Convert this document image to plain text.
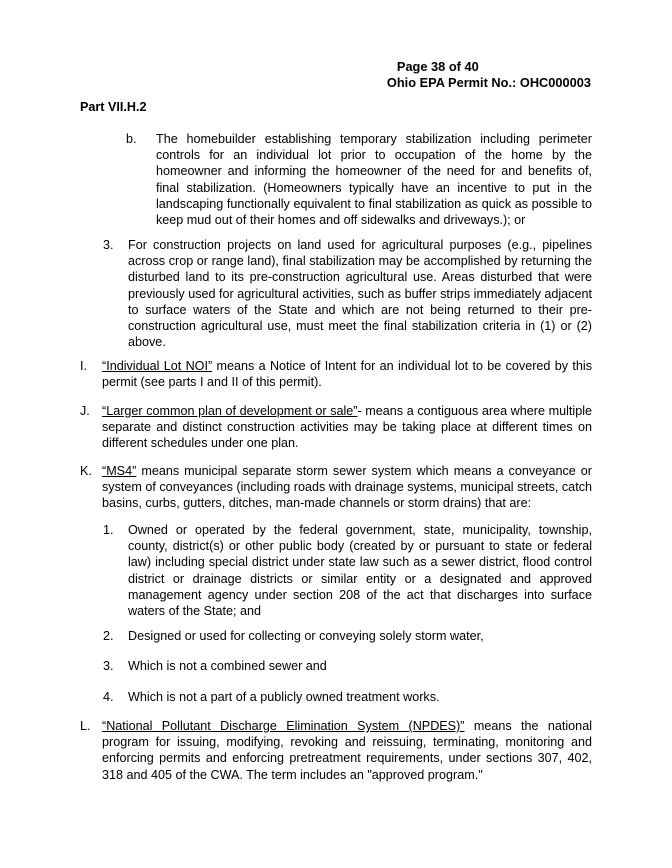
Page 38 of 40
Ohio EPA Permit No.: OHC000003
Part VII.H.2
b. The homebuilder establishing temporary stabilization including perimeter controls for an individual lot prior to occupation of the home by the homeowner and informing the homeowner of the need for and benefits of, final stabilization. (Homeowners typically have an incentive to put in the landscaping functionally equivalent to final stabilization as quick as possible to keep mud out of their homes and off sidewalks and driveways.); or
3. For construction projects on land used for agricultural purposes (e.g., pipelines across crop or range land), final stabilization may be accomplished by returning the disturbed land to its pre-construction agricultural use. Areas disturbed that were previously used for agricultural activities, such as buffer strips immediately adjacent to surface waters of the State and which are not being returned to their pre-construction agricultural use, must meet the final stabilization criteria in (1) or (2) above.
I. “Individual Lot NOI” means a Notice of Intent for an individual lot to be covered by this permit (see parts I and II of this permit).
J. “Larger common plan of development or sale”- means a contiguous area where multiple separate and distinct construction activities may be taking place at different times on different schedules under one plan.
K. “MS4” means municipal separate storm sewer system which means a conveyance or system of conveyances (including roads with drainage systems, municipal streets, catch basins, curbs, gutters, ditches, man-made channels or storm drains) that are:
1. Owned or operated by the federal government, state, municipality, township, county, district(s) or other public body (created by or pursuant to state or federal law) including special district under state law such as a sewer district, flood control district or drainage districts or similar entity or a designated and approved management agency under section 208 of the act that discharges into surface waters of the State; and
2. Designed or used for collecting or conveying solely storm water,
3. Which is not a combined sewer and
4. Which is not a part of a publicly owned treatment works.
L. “National Pollutant Discharge Elimination System (NPDES)” means the national program for issuing, modifying, revoking and reissuing, terminating, monitoring and enforcing permits and enforcing pretreatment requirements, under sections 307, 402, 318 and 405 of the CWA. The term includes an "approved program."
